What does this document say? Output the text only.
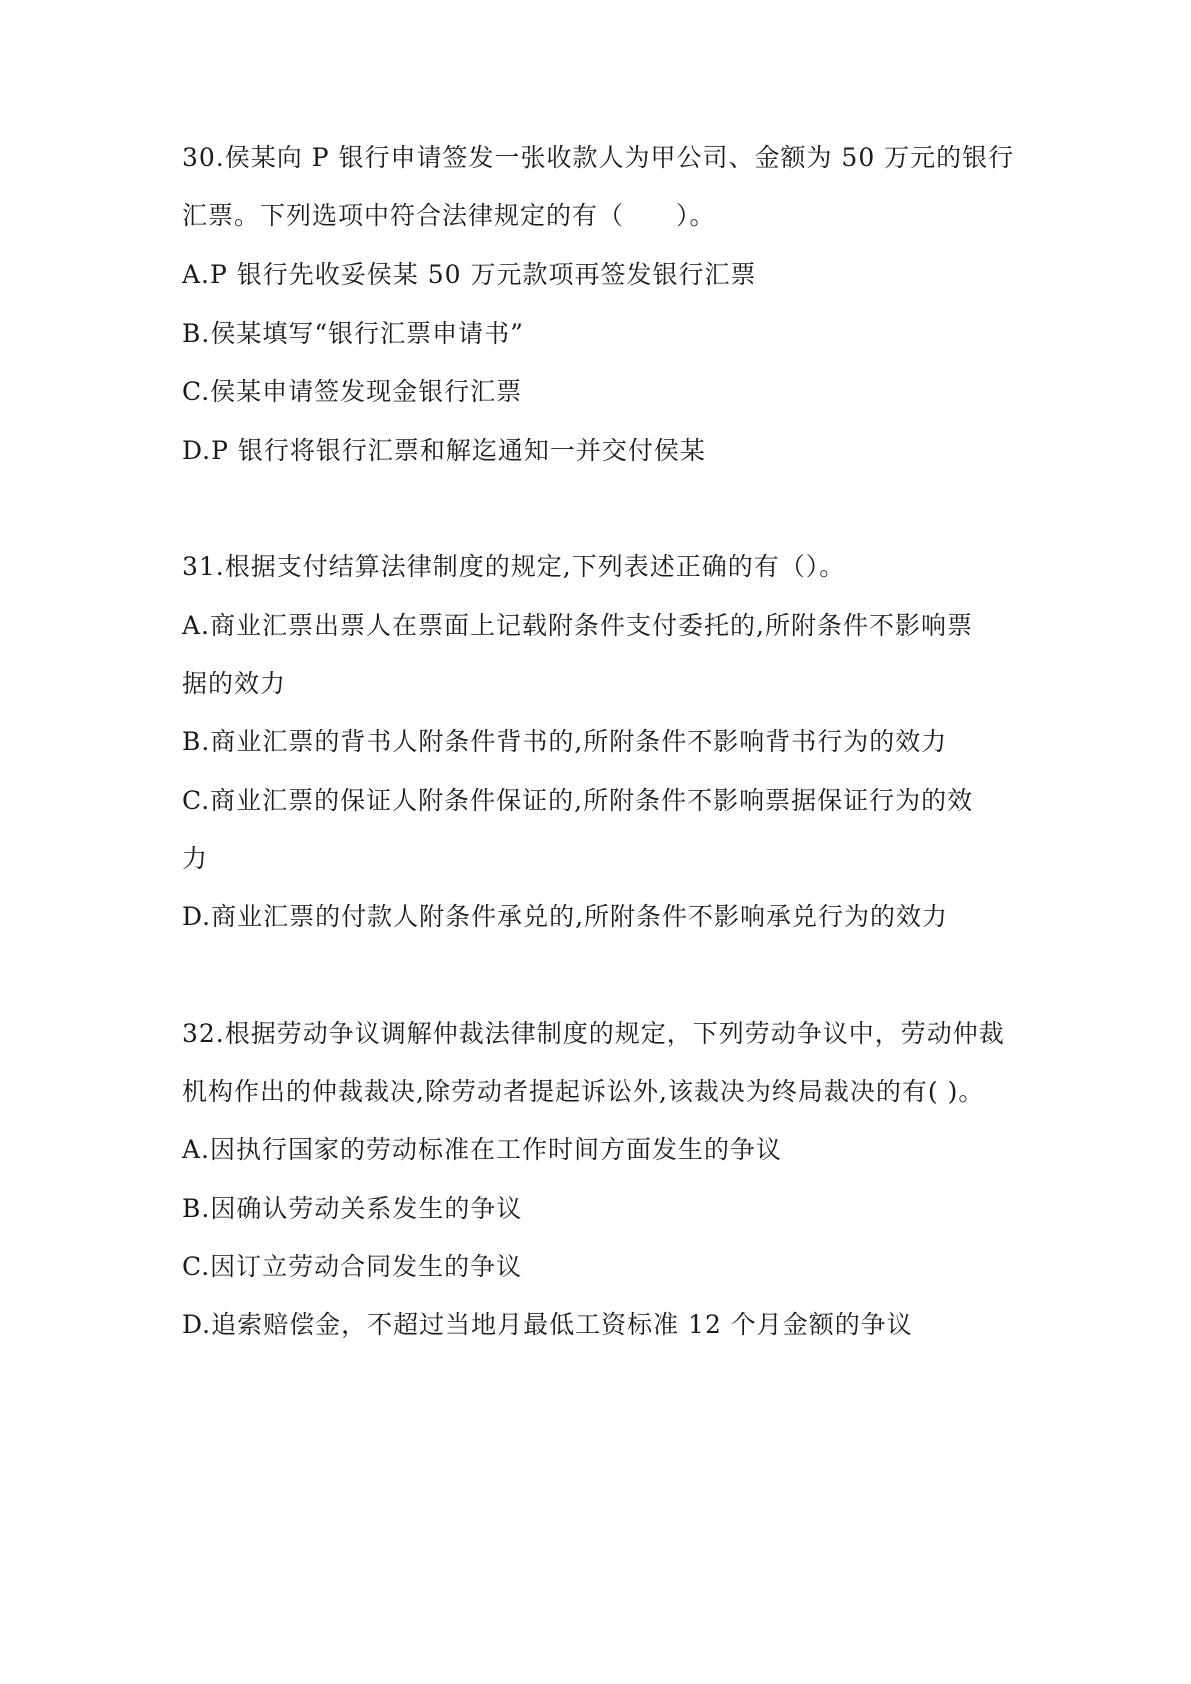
30.侯某向 P 银行申请签发一张收款人为甲公司、金额为 50 万元的银行
汇票。下列选项中符合法律规定的有（　　）。
A.P 银行先收妥侯某 50 万元款项再签发银行汇票
B.侯某填写“银行汇票申请书”
C.侯某申请签发现金银行汇票
D.P 银行将银行汇票和解迄通知一并交付侯某
31.根据支付结算法律制度的规定,下列表述正确的有（）。
A.商业汇票出票人在票面上记载附条件支付委托的,所附条件不影响票
据的效力
B.商业汇票的背书人附条件背书的,所附条件不影响背书行为的效力
C.商业汇票的保证人附条件保证的,所附条件不影响票据保证行为的效
力
D.商业汇票的付款人附条件承兑的,所附条件不影响承兑行为的效力
32.根据劳动争议调解仲裁法律制度的规定，下列劳动争议中，劳动仲裁
机构作出的仲裁裁决,除劳动者提起诉讼外,该裁决为终局裁决的有( )。
A.因执行国家的劳动标准在工作时间方面发生的争议
B.因确认劳动关系发生的争议
C.因订立劳动合同发生的争议
D.追索赔偿金，不超过当地月最低工资标准 12 个月金额的争议
